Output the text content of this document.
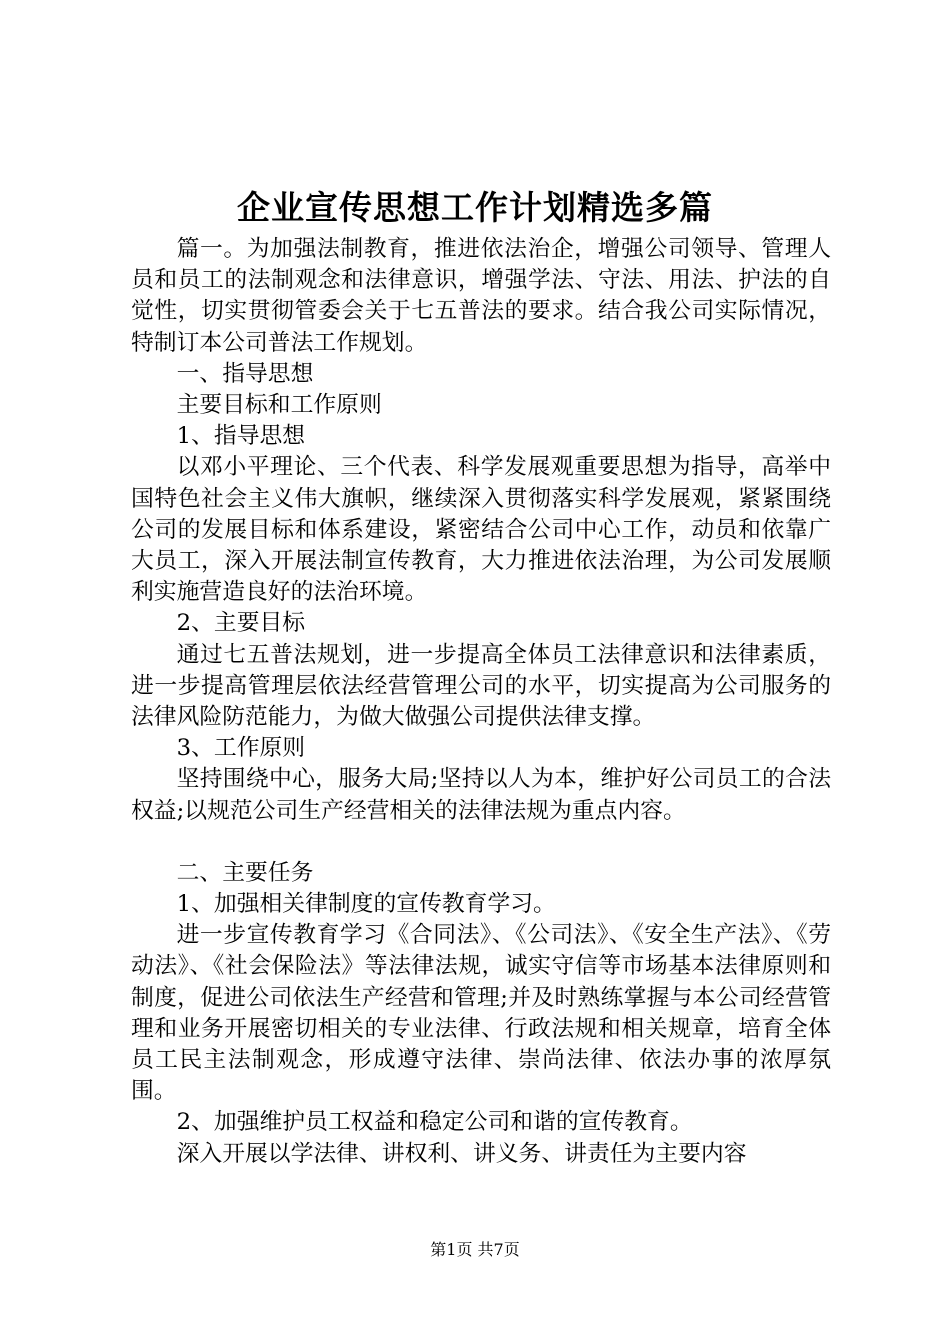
企业宣传思想工作计划精选多篇

篇一。为加强法制教育，推进依法治企，增强公司领导、管理人员和员工的法制观念和法律意识，增强学法、守法、用法、护法的自觉性，切实贯彻管委会关于七五普法的要求。结合我公司实际情况，特制订本公司普法工作规划。

一、指导思想

主要目标和工作原则

1、指导思想

以邓小平理论、三个代表、科学发展观重要思想为指导，高举中国特色社会主义伟大旗帜，继续深入贯彻落实科学发展观，紧紧围绕公司的发展目标和体系建设，紧密结合公司中心工作，动员和依靠广大员工，深入开展法制宣传教育，大力推进依法治理，为公司发展顺利实施营造良好的法治环境。

2、主要目标

通过七五普法规划，进一步提高全体员工法律意识和法律素质，进一步提高管理层依法经营管理公司的水平，切实提高为公司服务的法律风险防范能力，为做大做强公司提供法律支撑。

3、工作原则

坚持围绕中心，服务大局;坚持以人为本，维护好公司员工的合法权益;以规范公司生产经营相关的法律法规为重点内容。

二、主要任务

1、加强相关律制度的宣传教育学习。

进一步宣传教育学习《合同法》、《公司法》、《安全生产法》、《劳动法》、《社会保险法》等法律法规，诚实守信等市场基本法律原则和制度，促进公司依法生产经营和管理;并及时熟练掌握与本公司经营管理和业务开展密切相关的专业法律、行政法规和相关规章，培育全体员工民主法制观念，形成遵守法律、崇尚法律、依法办事的浓厚氛围。

2、加强维护员工权益和稳定公司和谐的宣传教育。

深入开展以学法律、讲权利、讲义务、讲责任为主要内容

第1页 共7页
